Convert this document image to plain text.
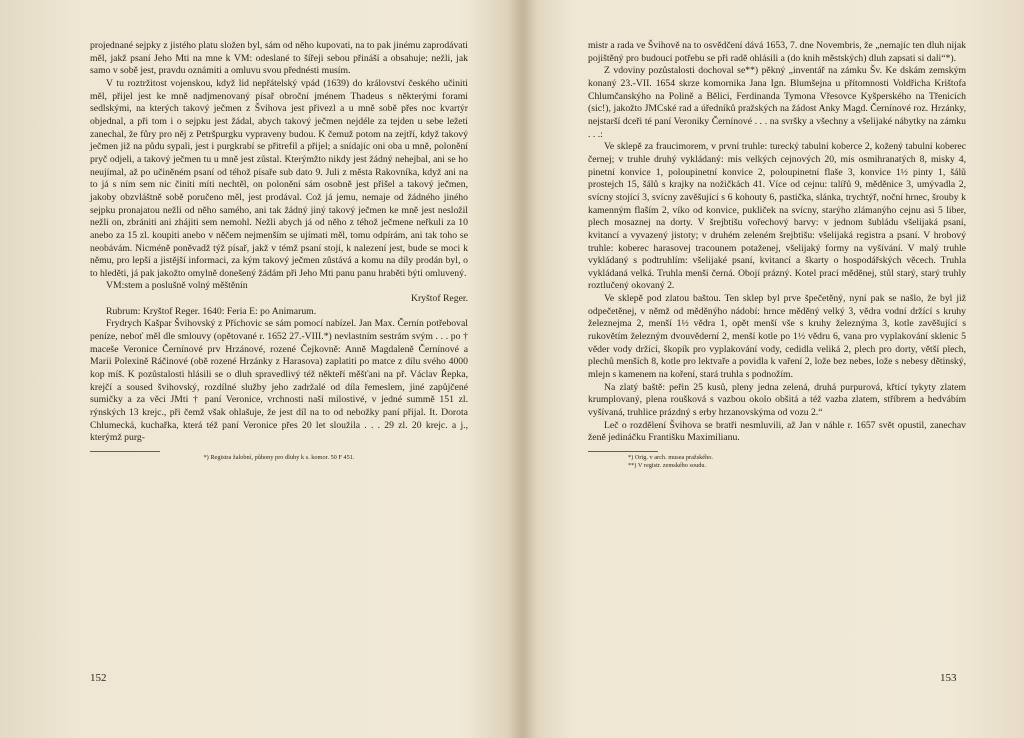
projednané sejpky z jistého platu složen byl, sám od něho kupovati, na to pak jinému zaprodávati měl, jakž psaní Jeho Mti na mne k VM: odeslané to šířeji sebou přináší a obsahuje; nežli, jak samo v sobě jest, pravdu oznámiti a omluvu svou přednésti musím.

V tu roztržitost vojenskou, když lid nepřátelský vpád (1639) do království českého učiniti měl, přijel jest ke mně nadjmenovaný písař obroční jménem Thadeus s některými forami sedlskými, na kterých takový ječmen z Švihova jest přivezl a u mně sobě přes noc kvartýr objednal, a při tom i o sejpku jest žádal, abych takový ječmen nejdéle za tejden u sebe ležeti zanechal, že fůry pro něj z Petršpurgku vypraveny budou. K čemuž potom na zejtří, když takový ječmen již na půdu sypali, jest i purgkrabí se přitrefil a přijel; a snídajíc oni oba u mně, polonění pryč odjeli, a takový ječmen tu u mně jest zůstal. Kterýmžto nikdy jest žádný nehejbal, ani se ho neujímal, až po učiněném psaní od téhož písaře sub dato 9. Juli z města Rakovníka, když ani na to já s ním sem nic činiti míti nechtěl, on polonění sám osobně jest přišel a takový ječmen, jakoby obzvláštně sobě poručeno měl, jest prodával. Což já jemu, nemaje od žádného jiného sejpku pronajatou nežli od něho samého, ani tak žádný jiný takový ječmen ke mně jest nesložil nežli on, zbrániti ani zhájiti sem nemohl. Nežli abych já od něho z téhož ječmene neřkuli za 10 anebo za 15 zl. koupiti anebo v něčem nejmenším se ujímati měl, tomu odpírám, ani tak toho se neobávám. Nicméně poněvadž týž písař, jakž v témž psaní stojí, k nalezení jest, bude se moci k němu, pro lepší a jistější informaci, za kým takový ječmen zůstává a komu na díly prodán byl, o to hleděti, já pak jakožto omylně donešený žádám při Jeho Mti panu panu hraběti býti omluvený.

VM:stem a poslušně volný měštěnín

Kryštof Reger.

Rubrum: Kryštof Reger. 1640: Feria E: po Animarum.

Frydrych Kašpar Švihovský z Příchovic se sám pomocí nabízel. Jan Max. Černín potřeboval peníze, neboť měl dle smlouvy (opětované r. 1652 27.-VIII.*) nevlastním sestrám svým . . . po † maceše Veronice Černínové prv Hrzánové, rozené Čejkovně: Anně Magdaleně Černínové a Marii Polexině Ráčinové (obě rozené Hrzánky z Harasova) zaplatiti po matce z dílu svého 4000 kop míš. K pozůstalosti hlásili se o dluh spravedlivý též někteří měšťani na př. Václav Řepka, krejčí a soused švihovský, rozdílné služby jeho zadržalé od díla řemeslem, jiné zapůjčené sumičky a za věci JMti † paní Veronice, vrchnosti naší milostivé, v jedné summě 151 zl. rýnských 13 krejc., při čemž však ohlašuje, že jest díl na to od nebožky paní přijal. It. Dorota Chlumecká, kuchařka, která též paní Veronice přes 20 let sloužila . . . 29 zl. 20 krejc. a j., kterýmž purg-

*) Registra žalobní, půhony pro dluhy k s. komor. 50 F 451.

mistr a rada ve Švihově na to osvědčení dává 1653, 7. dne Novembris, že „nemajíc ten dluh nijak pojištěný pro budoucí potřebu se při radě ohlásili a (do knih městských) dluh zapsati si dali“*).

Z vdoviny pozůstalosti dochoval se**) pěkný „inventář na zámku Šv. Ke dskám zemským konaný 23.-VII. 1654 skrze komornika Jana Ign. Blumšejna u přítomnosti Voldřicha Krištofa Chlumčanskýho na Polině a Bělici, Ferdinanda Tymona Vřesovce Kyšperského na Třenicích (sic!), jakožto JMCské rad a úředníků pražských na žádost Anky Magd. Černínové roz. Hrzánky, nejstarší dceři té paní Veroniky Černínové . . . na svršky a všechny a všelijaké nábytky na zámku . . .:

Ve sklepě za fraucimorem, v první truhle: turecký tabulní koberce 2, kožený tabulní koberec černej; v truhle druhý vykládaný: mis velkých cejnových 20, mis osmihranatých 8, misky 4, pinetní konvice 1, poloupinetní konvice 2, poloupinetní flaše 3, konvice 1½ pinty 1, šálů prostejch 15, šálů s krajky na nožičkách 41. Více od cejnu: talířů 9, měděnice 3, umývadla 2, svícny stojící 3, svícny zavěšující s 6 kohouty 6, pastička, slánka, trychtýř, noční hrnec, šrouby k kamenným flaším 2, víko od konvice, pukliček na svícny, starýho zlámanýho cejnu asi 5 liber, plech mosaznej na dorty. V šrejbtišu vořechový barvy: v jednom šubládu všelijaká psaní, kvitancí a vyvazený jistoty; v druhém zeleném šrejbtišu: všelijaká registra a psaní. V hrobový truhle: koberec harasovej tracounem potaženej, všelijaký formy na vyšívání. V malý truhle vykládaný s podtruhlím: všelijaké psaní, kvitancí a škarty o hospodářských věcech. Truhla vykládaná velká. Truhla menší černá. Obojí prázný. Kotel prací měděnej, stůl starý, starý truhly roztlučený okovaný 2.

Ve sklepě pod zlatou baštou. Ten sklep byl prve špečetěný, nyní pak se našlo, že byl již odpečetěnej, v němž od měděnýho nádobí: hrnce měděný velký 3, vědra vodní držící s kruhy železnejma 2, menší 1½ vědra 1, opět menší vše s kruhy železnýma 3, kotle zavěšující s rukovětím železným dvouvěderní 2, menší kotle po 1½ vědru 6, vana pro vyplakování sklenic 5 věder vody držící, škopík pro vyplakování vody, cedidla veliká 2, plech pro dorty, větší plech, plechů menších 8, kotle pro lektvaře a povidla k vaření 2, lože bez nebes, lože s nebesy dětinský, mlejn s kamenem na koření, stará truhla s podnožím.

Na zlatý baště: peřin 25 kusů, pleny jedna zelená, druhá purpurová, křtící tykyty zlatem krumplovaný, plena roušková s vazbou okolo obšitá a též vazba zlatem, stříbrem a hedvábím vyšívaná, truhlice prázdný s erby hrzanovskýma od vozu 2.“

Leč o rozdělení Švihova se bratři nesmluvili, až Jan v náhle r. 1657 svět opustil, zanechav ženě jedináčku Františku Maximilianu.

*) Orig. v arch. musea pražského.
**) V registr. zemského soudu.
152	153
